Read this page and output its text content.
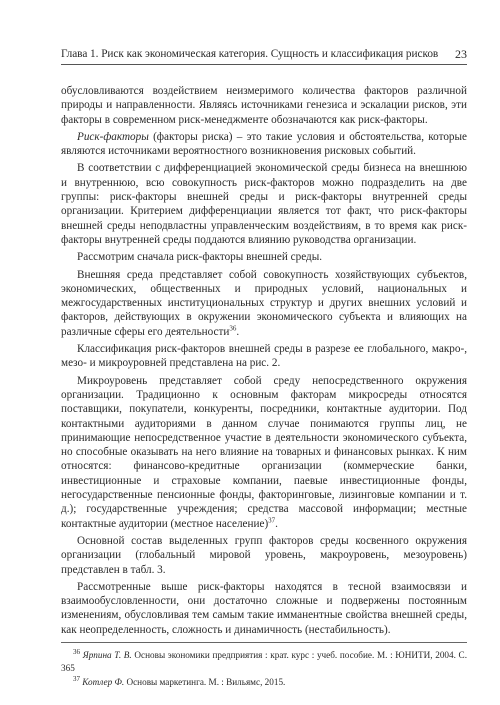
Глава 1. Риск как экономическая категория. Сущность и классификация рисков 23

обусловливаются воздействием неизмеримого количества факторов различной природы и направленности. Являясь источниками генезиса и эскалации рисков, эти факторы в современном риск-менеджменте обозначаются как риск-факторы.

Риск-факторы (факторы риска) – это такие условия и обстоятельства, которые являются источниками вероятностного возникновения рисковых событий.

В соответствии с дифференциацией экономической среды бизнеса на внешнюю и внутреннюю, всю совокупность риск-факторов можно подразделить на две группы: риск-факторы внешней среды и риск-факторы внутренней среды организации. Критерием дифференциации является тот факт, что риск-факторы внешней среды неподвластны управленческим воздействиям, в то время как риск-факторы внутренней среды поддаются влиянию руководства организации.

Рассмотрим сначала риск-факторы внешней среды.

Внешняя среда представляет собой совокупность хозяйствующих субъектов, экономических, общественных и природных условий, национальных и межгосударственных институциональных структур и других внешних условий и факторов, действующих в окружении экономического субъекта и влияющих на различные сферы его деятельности$^{36}$.

Классификация риск-факторов внешней среды в разрезе ее глобального, макро-, мезо- и микроуровней представлена на рис. 2.

Микроуровень представляет собой среду непосредственного окружения организации. Традиционно к основным факторам микросреды относятся поставщики, покупатели, конкуренты, посредники, контактные аудитории. Под контактными аудиториями в данном случае понимаются группы лиц, не принимающие непосредственное участие в деятельности экономического субъекта, но способные оказывать на него влияние на товарных и финансовых рынках. К ним относятся: финансово-кредитные организации (коммерческие банки, инвестиционные и страховые компании, паевые инвестиционные фонды, негосударственные пенсионные фонды, факторинговые, лизинговые компании и т. д.); государственные учреждения; средства массовой информации; местные контактные аудитории (местное население)$^{37}$.

Основной состав выделенных групп факторов среды косвенного окружения организации (глобальный мировой уровень, макроуровень, мезоуровень) представлен в табл. 3.

Рассмотренные выше риск-факторы находятся в тесной взаимосвязи и взаимообусловленности, они достаточно сложные и подвержены постоянным изменениям, обусловливая тем самым такие имманентные свойства внешней среды, как неопределенность, сложность и динамичность (нестабильность).

$^{36}$ Ярпина Т. В. Основы экономики предприятия : крат. курс : учеб. пособие. М. : ЮНИТИ, 2004. С. 365

$^{37}$ Котлер Ф. Основы маркетинга. М. : Вильямс, 2015.
